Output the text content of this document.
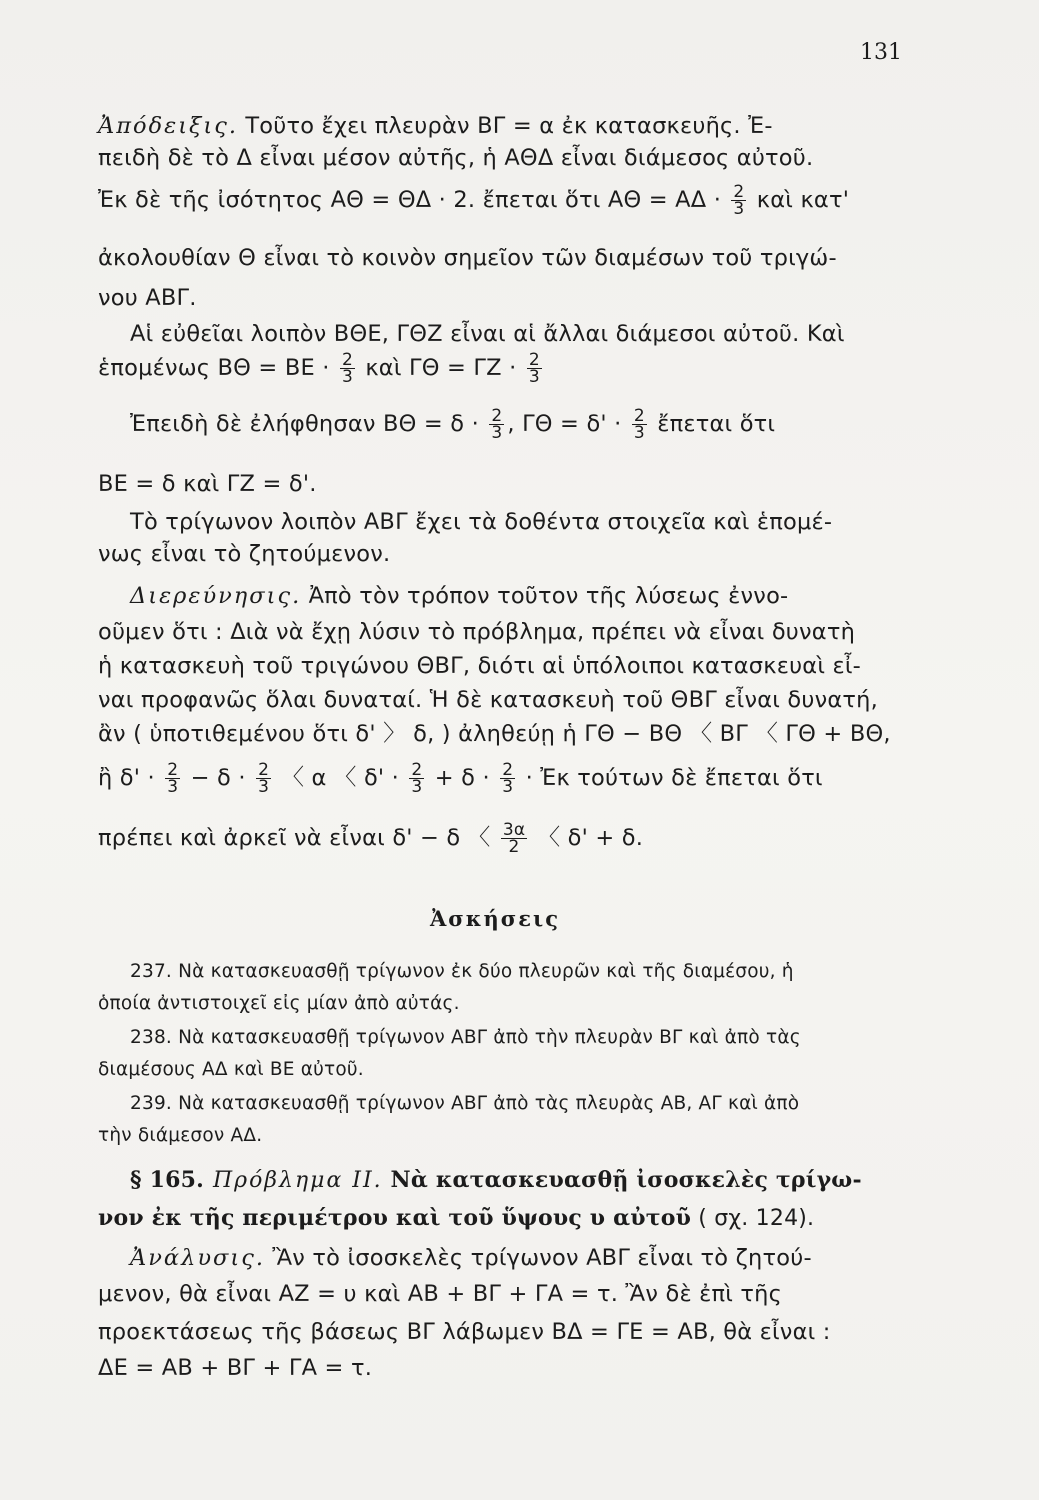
131
Ἀπόδειξις. Τοῦτο ἔχει πλευρὰν ΒΓ = α ἐκ κατασκευῆς. Ἐ-
πειδὴ δὲ τὸ Δ εἶναι μέσον αὐτῆς, ἡ ΑΘΔ εἶναι διάμεσος αὐτοῦ.
Ἐκ δὲ τῆς ἰσότητος ΑΘ = ΘΔ · 2. ἔπεται ὅτι $A\Theta = A\Delta \cdot \frac{2}{3}$ καὶ κατ'
ἀκολουθίαν Θ εἶναι τὸ κοινὸν σημεῖον τῶν διαμέσων τοῦ τριγώ-
νου ΑΒΓ.
Αἱ εὐθεῖαι λοιπὸν ΒΘΕ, ΓΘΖ εἶναι αἱ ἄλλαι διάμεσοι αὐτοῦ. Καὶ
ἑπομένως $B\Theta = BE \cdot \frac{2}{3}$ καὶ $\Gamma\Theta = \Gamma Z \cdot \frac{2}{3}$
Ἐπειδὴ δὲ ἐλήφθησαν $B\Theta = \delta \cdot \frac{2}{3}$ , $\Gamma\Theta = \delta' \cdot \frac{2}{3}$ ἔπεται ὅτι
ΒΕ = δ καὶ ΓΖ = δ'.
Τὸ τρίγωνον λοιπὸν ΑΒΓ ἔχει τὰ δοθέντα στοιχεῖα καὶ ἑπομέ-
νως εἶναι τὸ ζητούμενον.
Διερεύνησις. Ἀπὸ τὸν τρόπον τοῦτον τῆς λύσεως ἐννο-
οῦμεν ὅτι : Διὰ νὰ ἔχῃ λύσιν τὸ πρόβλημα, πρέπει νὰ εἶναι δυνατὴ
ἡ κατασκευὴ τοῦ τριγώνου ΘΒΓ, διότι αἱ ὑπόλοιποι κατασκευαὶ εἶ-
ναι προφανῶς ὅλαι δυναταί. Ἡ δὲ κατασκευὴ τοῦ ΘΒΓ εἶναι δυνατή,
ἂν ( ὑποτιθεμένου ὅτι δ' 〉 δ, ) ἀληθεύῃ ἡ ΓΘ − ΒΘ 〈 ΒΓ 〈 ΓΘ + ΒΘ,
ἢ $\delta' \cdot \frac{2}{3} - \delta \cdot \frac{2}{3}$ 〈 α 〈 $\delta' \cdot \frac{2}{3} + \delta \cdot \frac{2}{3}$ · Ἐκ τούτων δὲ ἔπεται ὅτι
πρέπει καὶ ἀρκεῖ νὰ εἶναι δ' − δ 〈 $\frac{3\alpha}{2}$ 〈 δ' + δ.
Ἀσκήσεις
237. Νὰ κατασκευασθῇ τρίγωνον ἐκ δύο πλευρῶν καὶ τῆς διαμέσου, ἡ
ὁποία ἀντιστοιχεῖ εἰς μίαν ἀπὸ αὐτάς.
238. Νὰ κατασκευασθῇ τρίγωνον ΑΒΓ ἀπὸ τὴν πλευρὰν ΒΓ καὶ ἀπὸ τὰς
διαμέσους ΑΔ καὶ ΒΕ αὐτοῦ.
239. Νὰ κατασκευασθῇ τρίγωνον ΑΒΓ ἀπὸ τὰς πλευρὰς ΑΒ, ΑΓ καὶ ἀπὸ
τὴν διάμεσον ΑΔ.
§ 165. Πρόβλημα II. Νὰ κατασκευασθῇ ἰσοσκελὲς τρίγω-
νον ἐκ τῆς περιμέτρου καὶ τοῦ ὕψους υ αὐτοῦ ( σχ. 124).
Ἀνάλυσις. Ἂν τὸ ἰσοσκελὲς τρίγωνον ΑΒΓ εἶναι τὸ ζητού-
μενον, θὰ εἶναι ΑΖ = υ καὶ ΑΒ + ΒΓ + ΓΑ = τ. Ἂν δὲ ἐπὶ τῆς
προεκτάσεως τῆς βάσεως ΒΓ λάβωμεν ΒΔ = ΓΕ = ΑΒ, θὰ εἶναι :
ΔΕ = ΑΒ + ΒΓ + ΓΑ = τ.
